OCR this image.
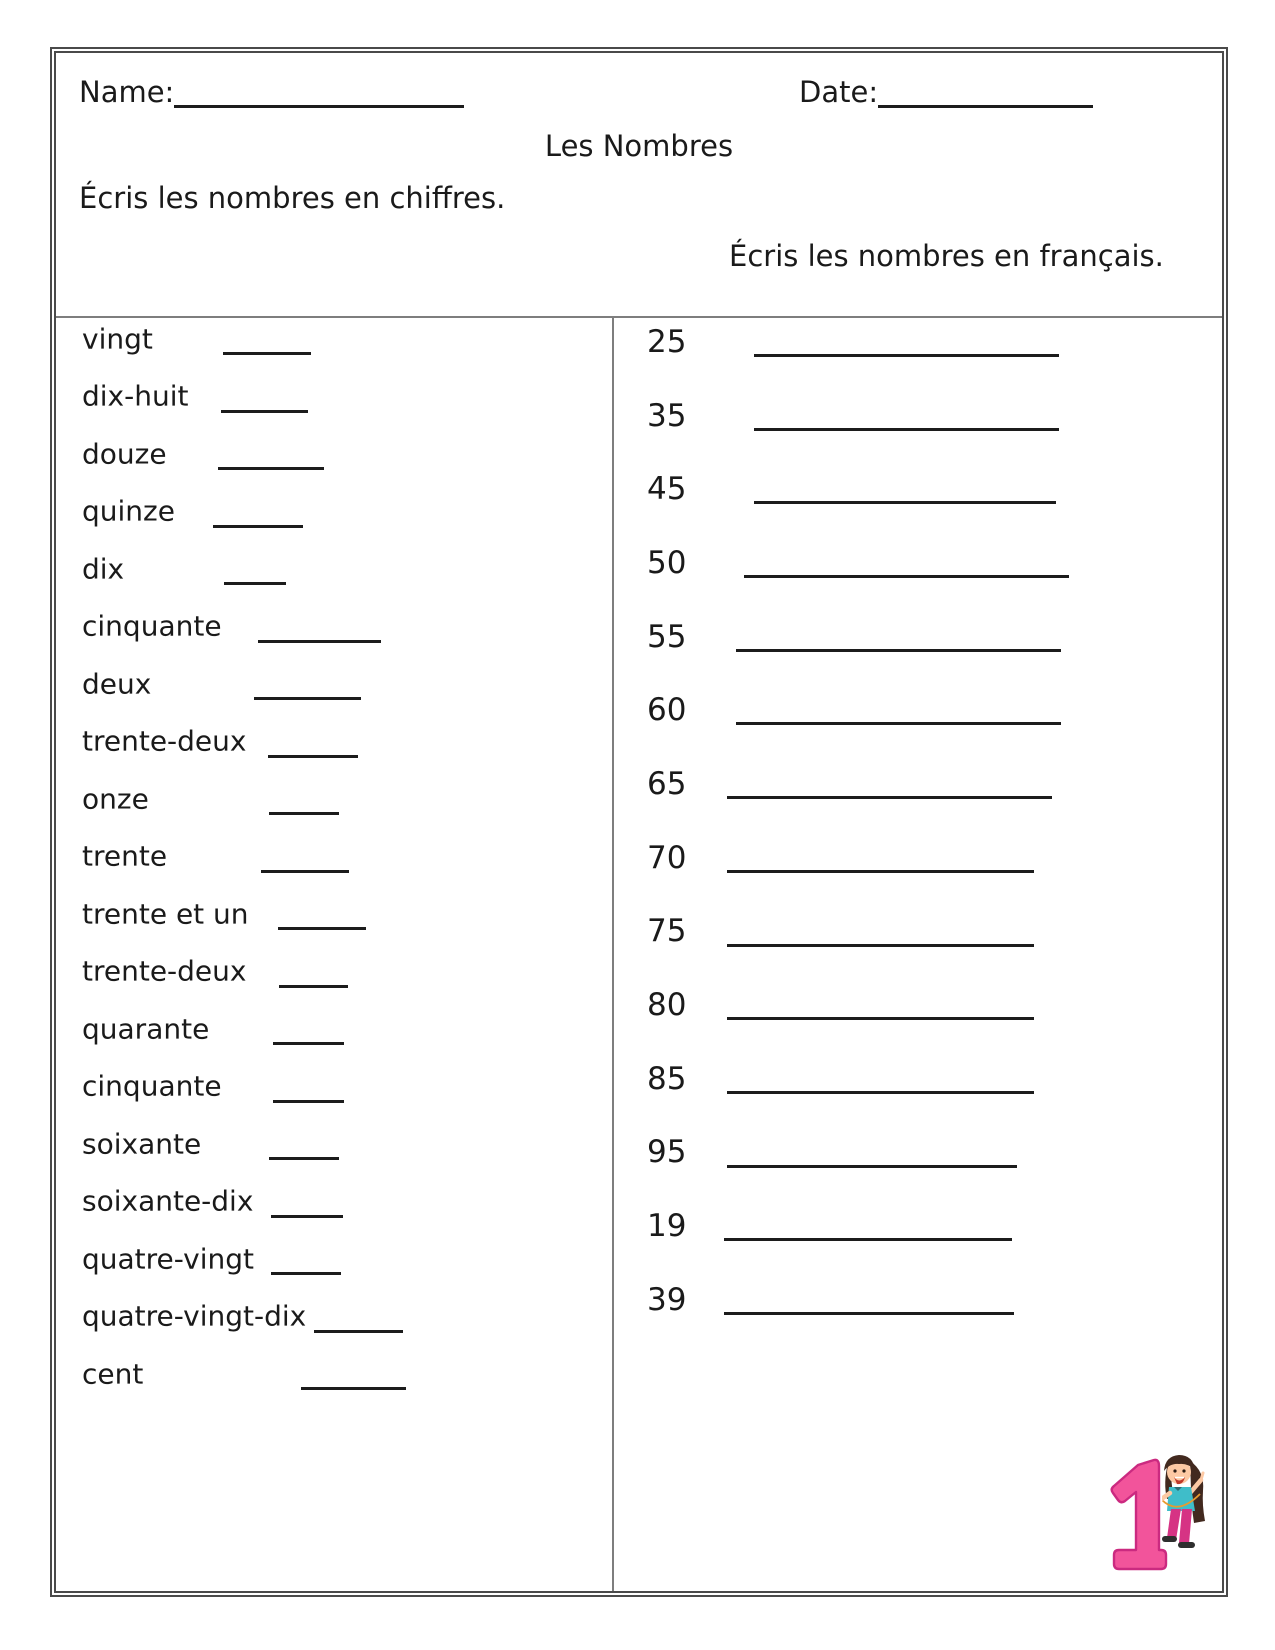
Name:	Date:
Les Nombres
Écris les nombres en chiffres.
Écris les nombres en français.
vingt
dix-huit
douze
quinze
dix
cinquante
deux
trente-deux
onze
trente
trente et un
trente-deux
quarante
cinquante
soixante
soixante-dix
quatre-vingt
quatre-vingt-dix
cent
25
35
45
50
55
60
65
70
75
80
85
95
19
39
